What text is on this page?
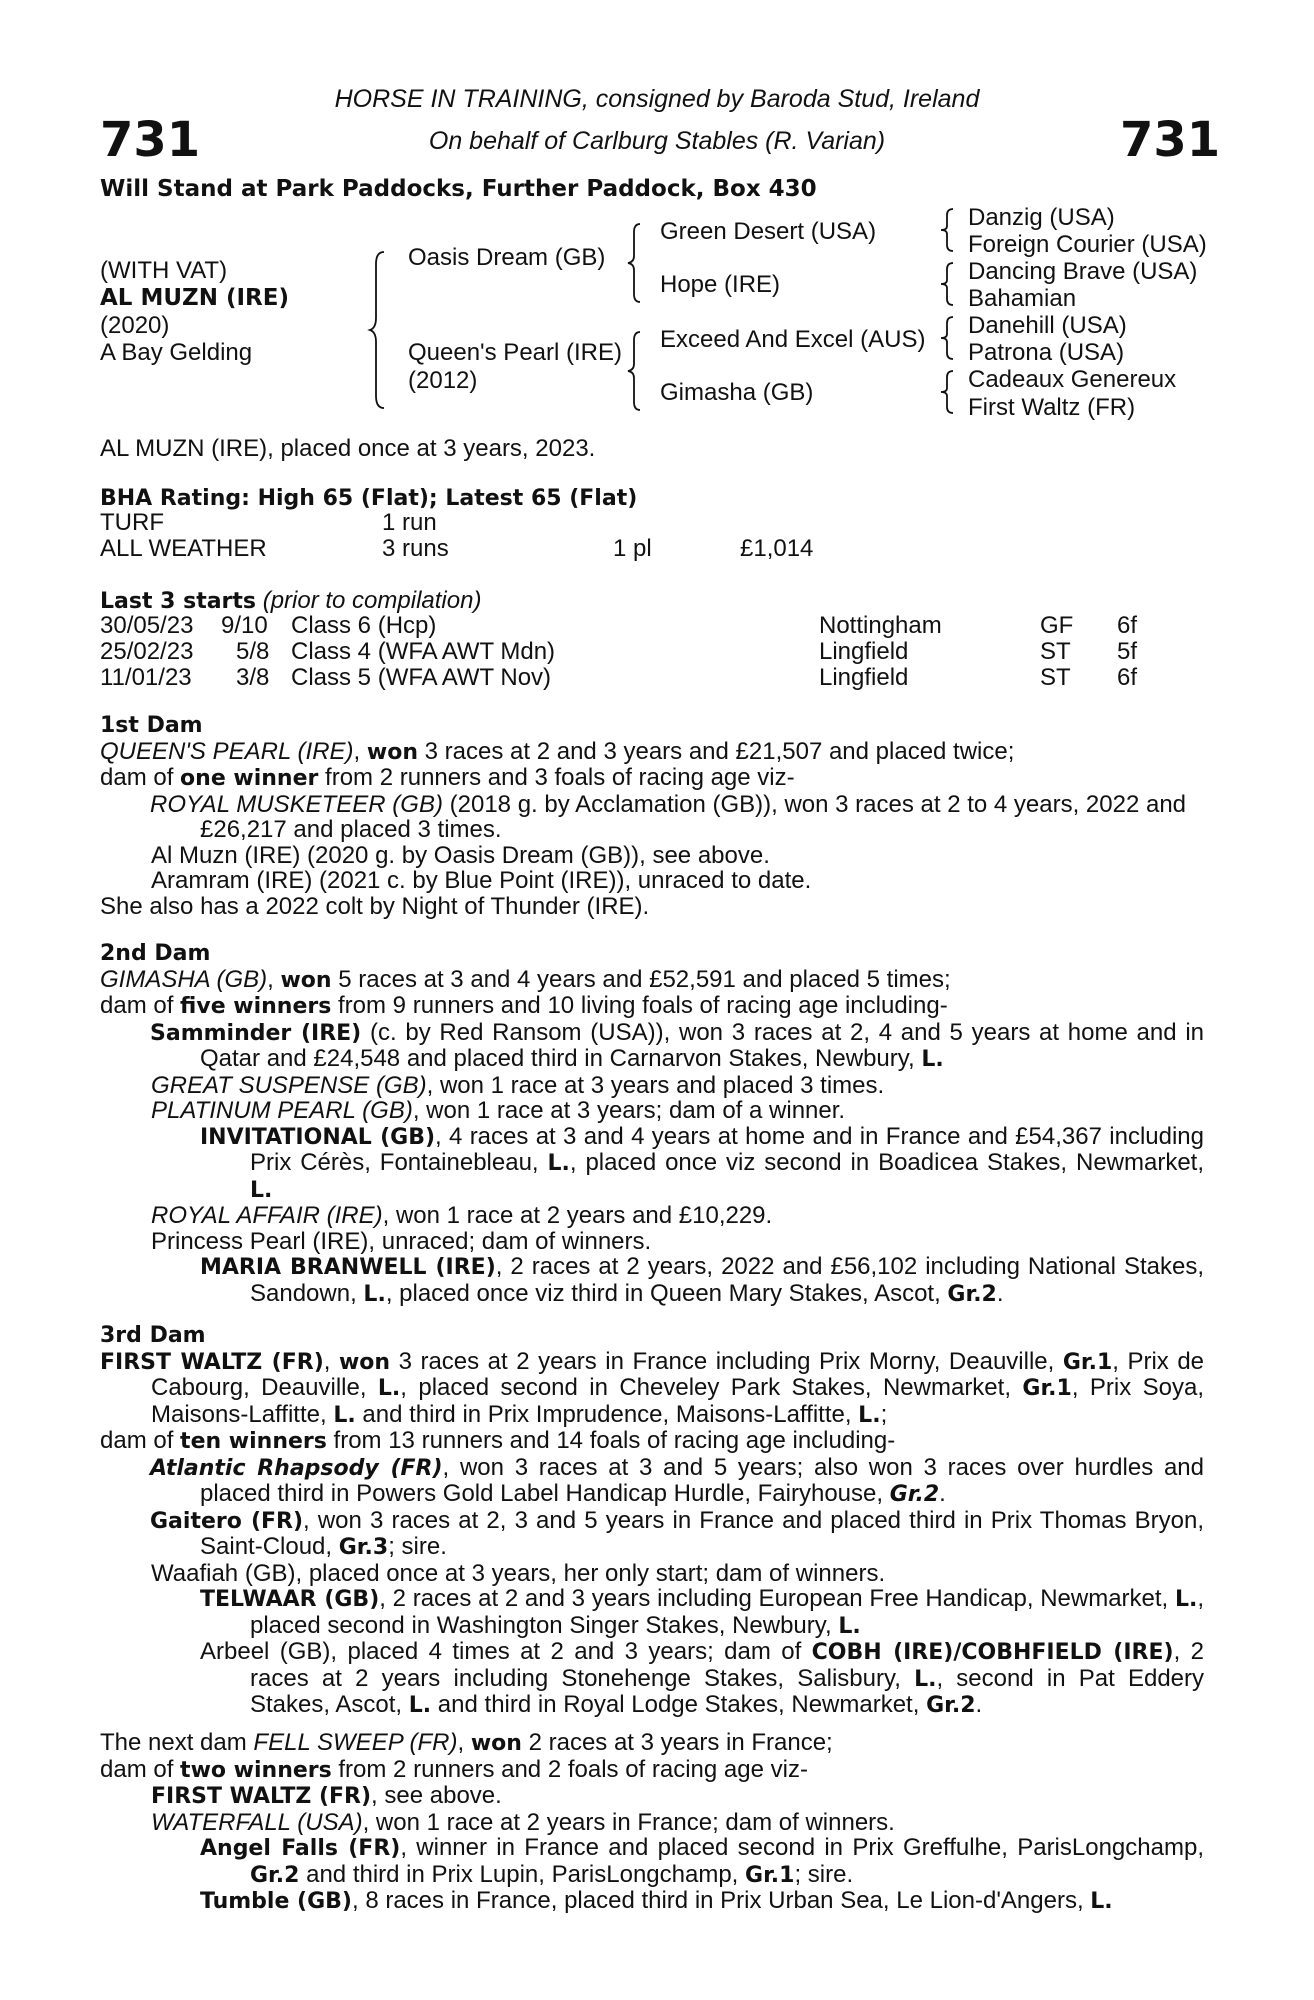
731	731
HORSE IN TRAINING, consigned by Baroda Stud, Ireland
On behalf of Carlburg Stables (R. Varian)
Will Stand at Park Paddocks, Further Paddock, Box 430
(WITH VAT)
AL MUZN (IRE)
(2020)
A Bay Gelding
Oasis Dream (GB)
Queen's Pearl (IRE)
(2012)
Green Desert (USA)
Hope (IRE)
Exceed And Excel (AUS)
Gimasha (GB)
Danzig (USA)
Foreign Courier (USA)
Dancing Brave (USA)
Bahamian
Danehill (USA)
Patrona (USA)
Cadeaux Genereux
First Waltz (FR)
AL MUZN (IRE), placed once at 3 years, 2023.
BHA Rating: High 65 (Flat); Latest 65 (Flat)
TURF	1 run
ALL WEATHER	3 runs	1 pl	£1,014
Last 3 starts (prior to compilation)
30/05/23 9/10 Class 6 (Hcp)	Nottingham	GF 6f
25/02/23 5/8 Class 4 (WFA AWT Mdn)	Lingfield	ST 5f
11/01/23 3/8 Class 5 (WFA AWT Nov)	Lingfield	ST 6f

1st Dam

QUEEN'S PEARL (IRE), won 3 races at 2 and 3 years and £21,507 and placed twice;

dam of one winner from 2 runners and 3 foals of racing age viz-

ROYAL MUSKETEER (GB) (2018 g. by Acclamation (GB)), won 3 races at 2 to 4 years, 2022 and £26,217 and placed 3 times.

Al Muzn (IRE) (2020 g. by Oasis Dream (GB)), see above.

Aramram (IRE) (2021 c. by Blue Point (IRE)), unraced to date.

She also has a 2022 colt by Night of Thunder (IRE).

2nd Dam

GIMASHA (GB), won 5 races at 3 and 4 years and £52,591 and placed 5 times;

dam of five winners from 9 runners and 10 living foals of racing age including-

Samminder (IRE) (c. by Red Ransom (USA)), won 3 races at 2, 4 and 5 years at home and in Qatar and £24,548 and placed third in Carnarvon Stakes, Newbury, L.

GREAT SUSPENSE (GB), won 1 race at 3 years and placed 3 times.

PLATINUM PEARL (GB), won 1 race at 3 years; dam of a winner.

INVITATIONAL (GB), 4 races at 3 and 4 years at home and in France and £54,367 including Prix Cérès, Fontainebleau, L., placed once viz second in Boadicea Stakes, Newmarket, L.

ROYAL AFFAIR (IRE), won 1 race at 2 years and £10,229.

Princess Pearl (IRE), unraced; dam of winners.

MARIA BRANWELL (IRE), 2 races at 2 years, 2022 and £56,102 including National Stakes, Sandown, L., placed once viz third in Queen Mary Stakes, Ascot, Gr.2.

3rd Dam

FIRST WALTZ (FR), won 3 races at 2 years in France including Prix Morny, Deauville, Gr.1, Prix de Cabourg, Deauville, L., placed second in Cheveley Park Stakes, Newmarket, Gr.1, Prix Soya, Maisons-Laffitte, L. and third in Prix Imprudence, Maisons-Laffitte, L.;

dam of ten winners from 13 runners and 14 foals of racing age including-

Atlantic Rhapsody (FR), won 3 races at 3 and 5 years; also won 3 races over hurdles and placed third in Powers Gold Label Handicap Hurdle, Fairyhouse, Gr.2.

Gaitero (FR), won 3 races at 2, 3 and 5 years in France and placed third in Prix Thomas Bryon, Saint-Cloud, Gr.3; sire.

Waafiah (GB), placed once at 3 years, her only start; dam of winners.

TELWAAR (GB), 2 races at 2 and 3 years including European Free Handicap, Newmarket, L., placed second in Washington Singer Stakes, Newbury, L.

Arbeel (GB), placed 4 times at 2 and 3 years; dam of COBH (IRE)/COBHFIELD (IRE), 2 races at 2 years including Stonehenge Stakes, Salisbury, L., second in Pat Eddery Stakes, Ascot, L. and third in Royal Lodge Stakes, Newmarket, Gr.2.

The next dam FELL SWEEP (FR), won 2 races at 3 years in France;

dam of two winners from 2 runners and 2 foals of racing age viz-

FIRST WALTZ (FR), see above.

WATERFALL (USA), won 1 race at 2 years in France; dam of winners.

Angel Falls (FR), winner in France and placed second in Prix Greffulhe, ParisLongchamp, Gr.2 and third in Prix Lupin, ParisLongchamp, Gr.1; sire.

Tumble (GB), 8 races in France, placed third in Prix Urban Sea, Le Lion-d'Angers, L.
